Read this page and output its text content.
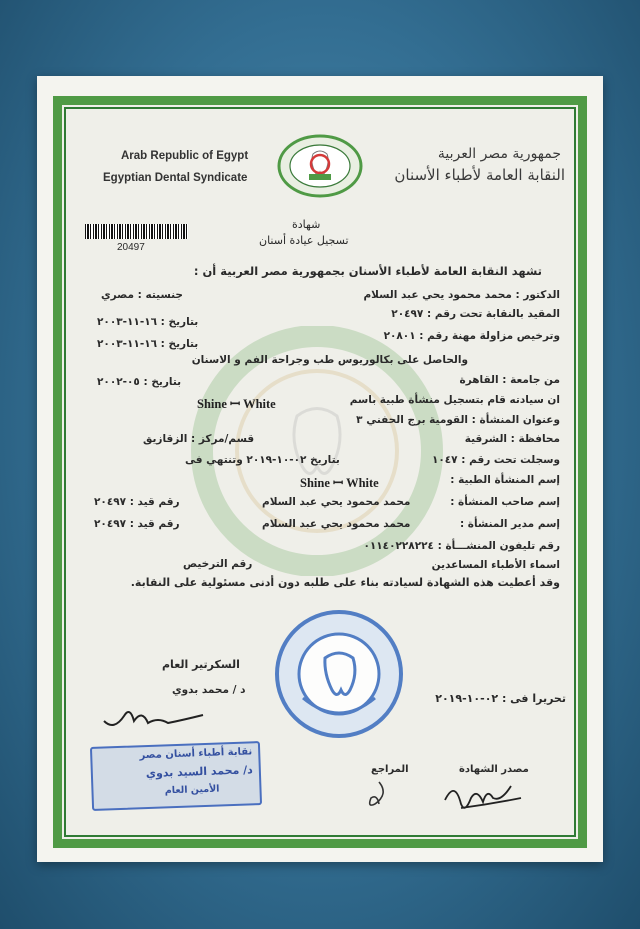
Arab Republic of Egypt
Egyptian Dental Syndicate
جمهورية مصر العربية
النقابة العامة لأطباء الأسنان
شهادة
تسجيل عيادة أسنان
20497
تشهد النقابة العامة لأطباء الأسنان بجمهورية مصر العربية أن :
الدكتور : محمد محمود يحي عبد السلام
جنسيته : مصري
المقيد بالنقابة تحت رقم : ٢٠٤٩٧
بتاريخ : ١٦-١١-٢٠٠٣
وترخيص مزاولة مهنة رقم : ٢٠٨٠١
بتاريخ : ١٦-١١-٢٠٠٣
والحاصل على بكالوريوس طب وجراحة الفم و الاسنان
من جامعة : القاهرة
بتاريخ : ٠٥-٢٠٠٢
ان سيادته قام بتسجيل منشأة طبية باسم
Shine ꟷ White
وعنوان المنشأة : القومية برج الحفني ٣
محافظة : الشرقية
قسم/مركز : الزقازيق
وسجلت تحت رقم : ١٠٤٧
بتاريخ ٠٢-١٠-٢٠١٩ وتنتهي فى
إسم المنشأة الطبية :
Shine ꟷ White
إسم صاحب المنشأة :
محمد محمود يحي عبد السلام
رقم قيد : ٢٠٤٩٧
إسم مدير المنشأة :
محمد محمود يحي عبد السلام
رقم قيد : ٢٠٤٩٧
رقم تليفون المنشـــأة : ٠١١٤٠٢٢٨٢٢٤
اسماء الأطباء المساعدين
رقم الترخيص
وقد أعطيت هذه الشهادة لسيادته بناء على طلبه دون أدنى مسئولية على النقابة.
السكرتير العام
د / محمد بدوي
تحريرا فى : ٠٢-١٠-٢٠١٩
نقابة أطباء أسنان مصر
د/ محمد السيد بدوي
الأمين العام
المراجع	مصدر الشهادة
